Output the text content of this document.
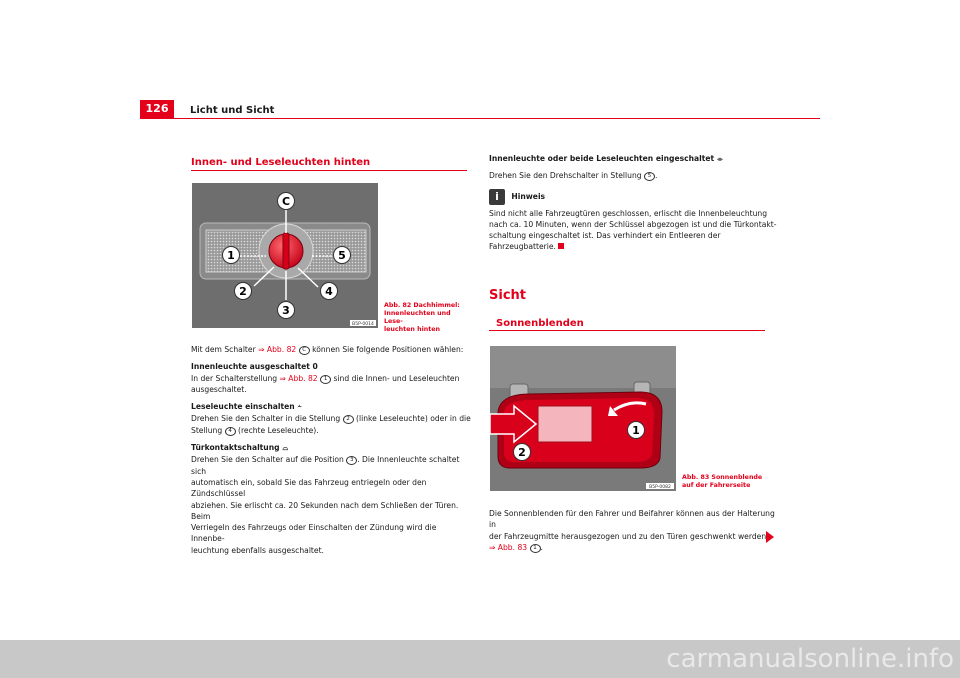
126	Licht und Sicht
Innen- und Leseleuchten hinten
C
1	5
2	4
3
B5P-0014
Abb. 82 Dachhimmel:
Innenleuchten und Lese-
leuchten hinten

Mit dem Schalter ⇒ Abb. 82 C können Sie folgende Positionen wählen:

Innenleuchte ausgeschaltet 0

In der Schalterstellung ⇒ Abb. 82 1 sind die Innen- und Leseleuchten
ausgeschaltet.

Leseleuchte einschalten ⸞

Drehen Sie den Schalter in die Stellung 2 (linke Leseleuchte) oder in die
Stellung 4 (rechte Leseleuchte).

Türkontaktschaltung ⌓

Drehen Sie den Schalter auf die Position 3 . Die Innenleuchte schaltet sich
automatisch ein, sobald Sie das Fahrzeug entriegeln oder den Zündschlüssel
abziehen. Sie erlischt ca. 20 Sekunden nach dem Schließen der Türen. Beim
Verriegeln des Fahrzeugs oder Einschalten der Zündung wird die Innenbe-
leuchtung ebenfalls ausgeschaltet.

Innenleuchte oder beide Leseleuchten eingeschaltet ⌯

Drehen Sie den Drehschalter in Stellung 5 .

i Hinweis

Sind nicht alle Fahrzeugtüren geschlossen, erlischt die Innenbeleuchtung
nach ca. 10 Minuten, wenn der Schlüssel abgezogen ist und die Türkontakt-
schaltung eingeschaltet ist. Das verhindert ein Entleeren der
Fahrzeugbatterie.

Sicht
Sonnenblenden
1
2
B5P-0082
Abb. 83 Sonnenblende
auf der Fahrerseite

Die Sonnenblenden für den Fahrer und Beifahrer können aus der Halterung in
der Fahrzeugmitte herausgezogen und zu den Türen geschwenkt werden
⇒ Abb. 83 1 .

carmanualsonline.info
